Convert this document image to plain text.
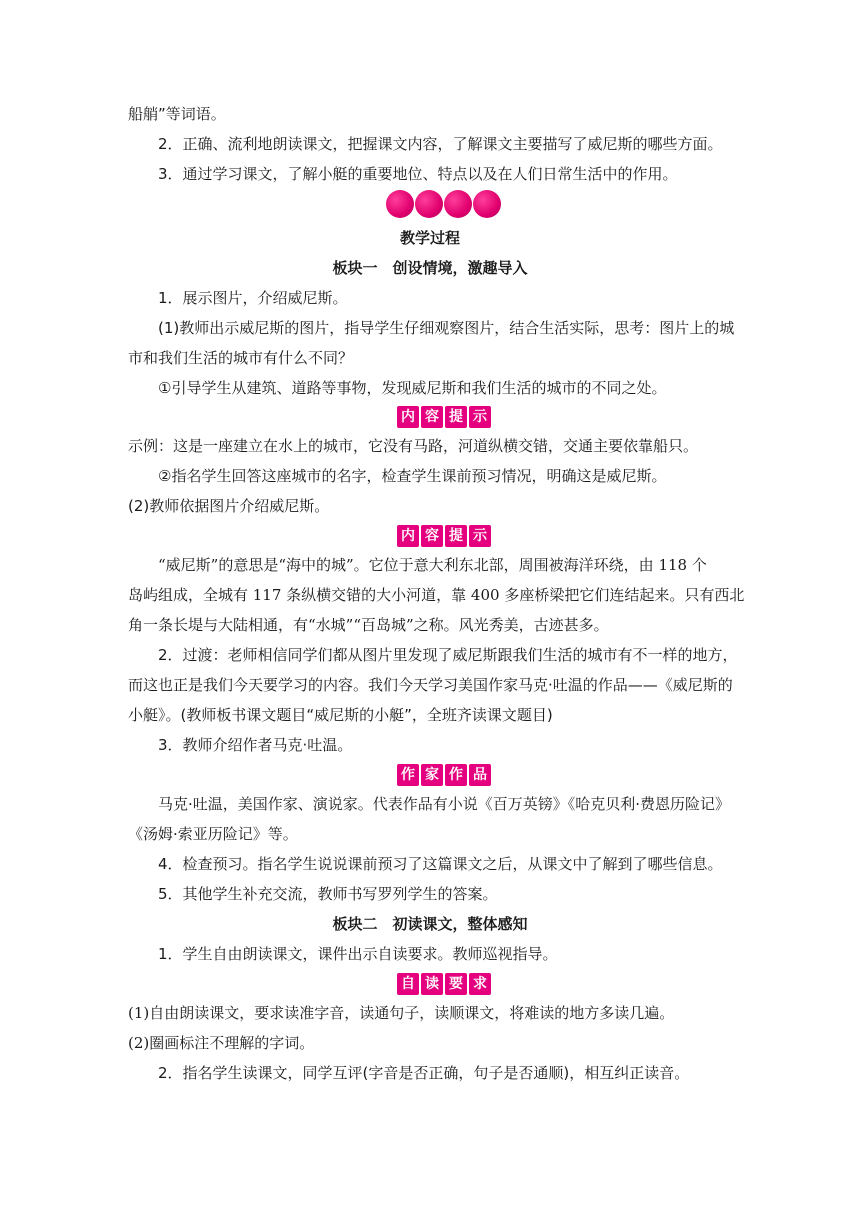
船艄”等词语。
2．正确、流利地朗读课文，把握课文内容，了解课文主要描写了威尼斯的哪些方面。
3．通过学习课文，了解小艇的重要地位、特点以及在人们日常生活中的作用。
教学过程
板块一　创设情境，激趣导入
1．展示图片，介绍威尼斯。
(1)教师出示威尼斯的图片，指导学生仔细观察图片，结合生活实际，思考：图片上的城
市和我们生活的城市有什么不同？
①引导学生从建筑、道路等事物，发现威尼斯和我们生活的城市的不同之处。
内 容 提 示
示例：这是一座建立在水上的城市，它没有马路，河道纵横交错，交通主要依靠船只。
②指名学生回答这座城市的名字，检查学生课前预习情况，明确这是威尼斯。
(2)教师依据图片介绍威尼斯。
内 容 提 示
“威尼斯”的意思是“海中的城”。它位于意大利东北部，周围被海洋环绕，由 118 个
岛屿组成，全城有 117 条纵横交错的大小河道，靠 400 多座桥梁把它们连结起来。只有西北
角一条长堤与大陆相通，有“水城”“百岛城”之称。风光秀美，古迹甚多。
2．过渡：老师相信同学们都从图片里发现了威尼斯跟我们生活的城市有不一样的地方，
而这也正是我们今天要学习的内容。我们今天学习美国作家马克·吐温的作品——《威尼斯的
小艇》。(教师板书课文题目“威尼斯的小艇”，全班齐读课文题目)
3．教师介绍作者马克·吐温。
作 家 作 品
马克·吐温，美国作家、演说家。代表作品有小说《百万英镑》《哈克贝利·费恩历险记》
《汤姆·索亚历险记》等。
4．检查预习。指名学生说说课前预习了这篇课文之后，从课文中了解到了哪些信息。
5．其他学生补充交流，教师书写罗列学生的答案。
板块二　初读课文，整体感知
1．学生自由朗读课文，课件出示自读要求。教师巡视指导。
自 读 要 求
(1)自由朗读课文，要求读准字音，读通句子，读顺课文，将难读的地方多读几遍。
(2)圈画标注不理解的字词。
2．指名学生读课文，同学互评(字音是否正确，句子是否通顺)，相互纠正读音。
